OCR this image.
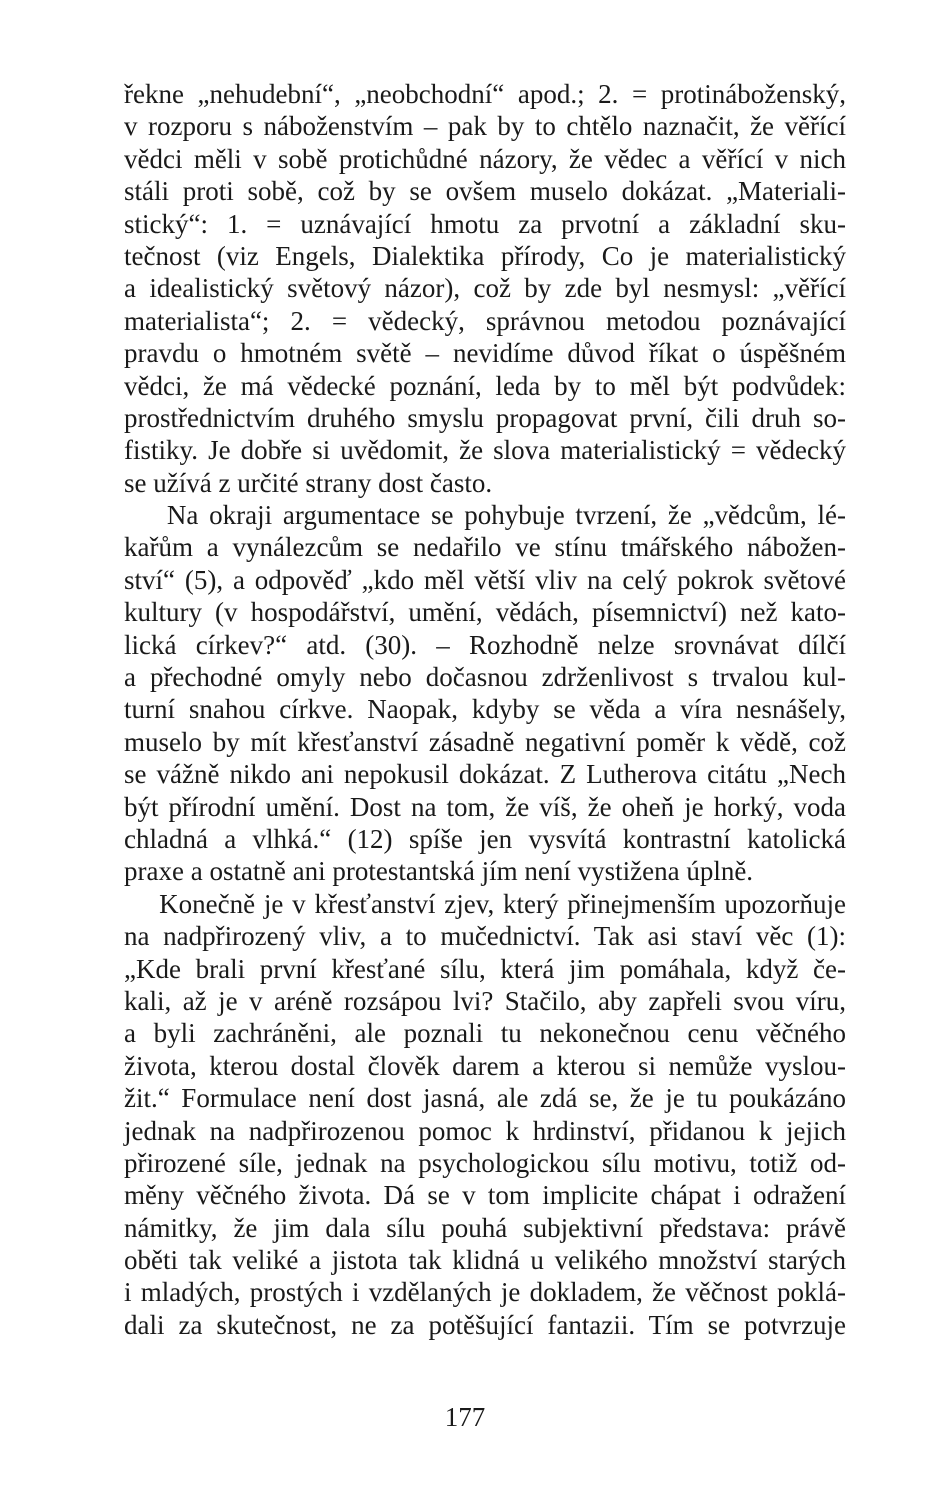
řekne „nehudební“, „neobchodní“ apod.; 2. = protináboženský,
v rozporu s náboženstvím – pak by to chtělo naznačit, že věřící
vědci měli v sobě protichůdné názory, že vědec a věřící v nich
stáli proti sobě, což by se ovšem muselo dokázat. „Materiali-
stický“: 1. = uznávající hmotu za prvotní a základní sku-
tečnost (viz Engels, Dialektika přírody, Co je materialistický
a idealistický světový názor), což by zde byl nesmysl: „věřící
materialista“; 2. = vědecký, správnou metodou poznávající
pravdu o hmotném světě – nevidíme důvod říkat o úspěšném
vědci, že má vědecké poznání, leda by to měl být podvůdek:
prostřednictvím druhého smyslu propagovat první, čili druh so-
fistiky. Je dobře si uvědomit, že slova materialistický = vědecký
se užívá z určité strany dost často.
Na okraji argumentace se pohybuje tvrzení, že „vědcům, lé-
kařům a vynálezcům se nedařilo ve stínu tmářského nábožen-
ství“ (5), a odpověď „kdo měl větší vliv na celý pokrok světové
kultury (v hospodářství, umění, vědách, písemnictví) než kato-
lická církev?“ atd. (30). – Rozhodně nelze srovnávat dílčí
a přechodné omyly nebo dočasnou zdrženlivost s trvalou kul-
turní snahou církve. Naopak, kdyby se věda a víra nesnášely,
muselo by mít křesťanství zásadně negativní poměr k vědě, což
se vážně nikdo ani nepokusil dokázat. Z Lutherova citátu „Nech
být přírodní umění. Dost na tom, že víš, že oheň je horký, voda
chladná a vlhká.“ (12) spíše jen vysvítá kontrastní katolická
praxe a ostatně ani protestantská jím není vystižena úplně.
Konečně je v křesťanství zjev, který přinejmenším upozorňuje
na nadpřirozený vliv, a to mučednictví. Tak asi staví věc (1):
„Kde brali první křesťané sílu, která jim pomáhala, když če-
kali, až je v aréně rozsápou lvi? Stačilo, aby zapřeli svou víru,
a byli zachráněni, ale poznali tu nekonečnou cenu věčného
života, kterou dostal člověk darem a kterou si nemůže vyslou-
žit.“ Formulace není dost jasná, ale zdá se, že je tu poukázáno
jednak na nadpřirozenou pomoc k hrdinství, přidanou k jejich
přirozené síle, jednak na psychologickou sílu motivu, totiž od-
měny věčného života. Dá se v tom implicite chápat i odražení
námitky, že jim dala sílu pouhá subjektivní představa: právě
oběti tak veliké a jistota tak klidná u velikého množství starých
i mladých, prostých i vzdělaných je dokladem, že věčnost poklá-
dali za skutečnost, ne za potěšující fantazii. Tím se potvrzuje
177
